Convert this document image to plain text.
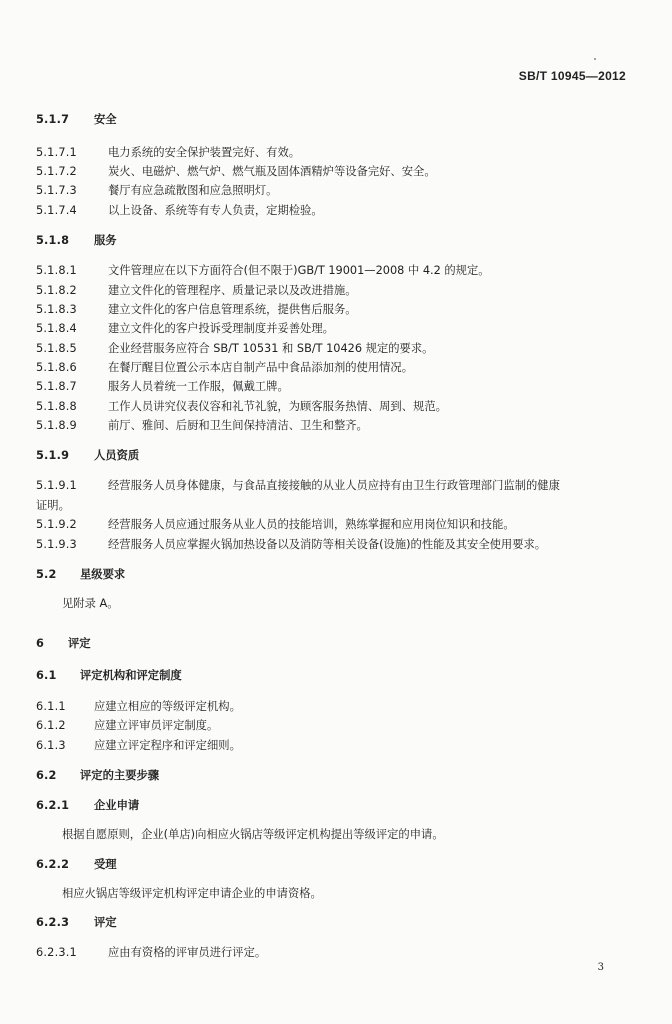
SB/T 10945—2012
5.1.7 安全
5.1.7.1	电力系统的安全保护装置完好、有效。
5.1.7.2	炭火、电磁炉、燃气炉、燃气瓶及固体酒精炉等设备完好、安全。
5.1.7.3	餐厅有应急疏散图和应急照明灯。
5.1.7.4	以上设备、系统等有专人负责，定期检验。
5.1.8 服务
5.1.8.1	文件管理应在以下方面符合(但不限于)GB/T 19001—2008 中 4.2 的规定。
5.1.8.2	建立文件化的管理程序、质量记录以及改进措施。
5.1.8.3	建立文件化的客户信息管理系统，提供售后服务。
5.1.8.4	建立文件化的客户投诉受理制度并妥善处理。
5.1.8.5	企业经营服务应符合 SB/T 10531 和 SB/T 10426 规定的要求。
5.1.8.6	在餐厅醒目位置公示本店自制产品中食品添加剂的使用情况。
5.1.8.7	服务人员着统一工作服，佩戴工牌。
5.1.8.8	工作人员讲究仪表仪容和礼节礼貌，为顾客服务热情、周到、规范。
5.1.8.9	前厅、雅间、后厨和卫生间保持清洁、卫生和整齐。
5.1.9 人员资质
5.1.9.1	经营服务人员身体健康，与食品直接接触的从业人员应持有由卫生行政管理部门监制的健康
证明。
5.1.9.2	经营服务人员应通过服务从业人员的技能培训，熟练掌握和应用岗位知识和技能。
5.1.9.3	经营服务人员应掌握火锅加热设备以及消防等相关设备(设施)的性能及其安全使用要求。
5.2 星级要求
见附录 A。
6 评定
6.1 评定机构和评定制度
6.1.1	应建立相应的等级评定机构。
6.1.2	应建立评审员评定制度。
6.1.3	应建立评定程序和评定细则。
6.2 评定的主要步骤
6.2.1 企业申请
根据自愿原则，企业(单店)向相应火锅店等级评定机构提出等级评定的申请。
6.2.2 受理
相应火锅店等级评定机构评定申请企业的申请资格。
6.2.3 评定
6.2.3.1	应由有资格的评审员进行评定。
3
